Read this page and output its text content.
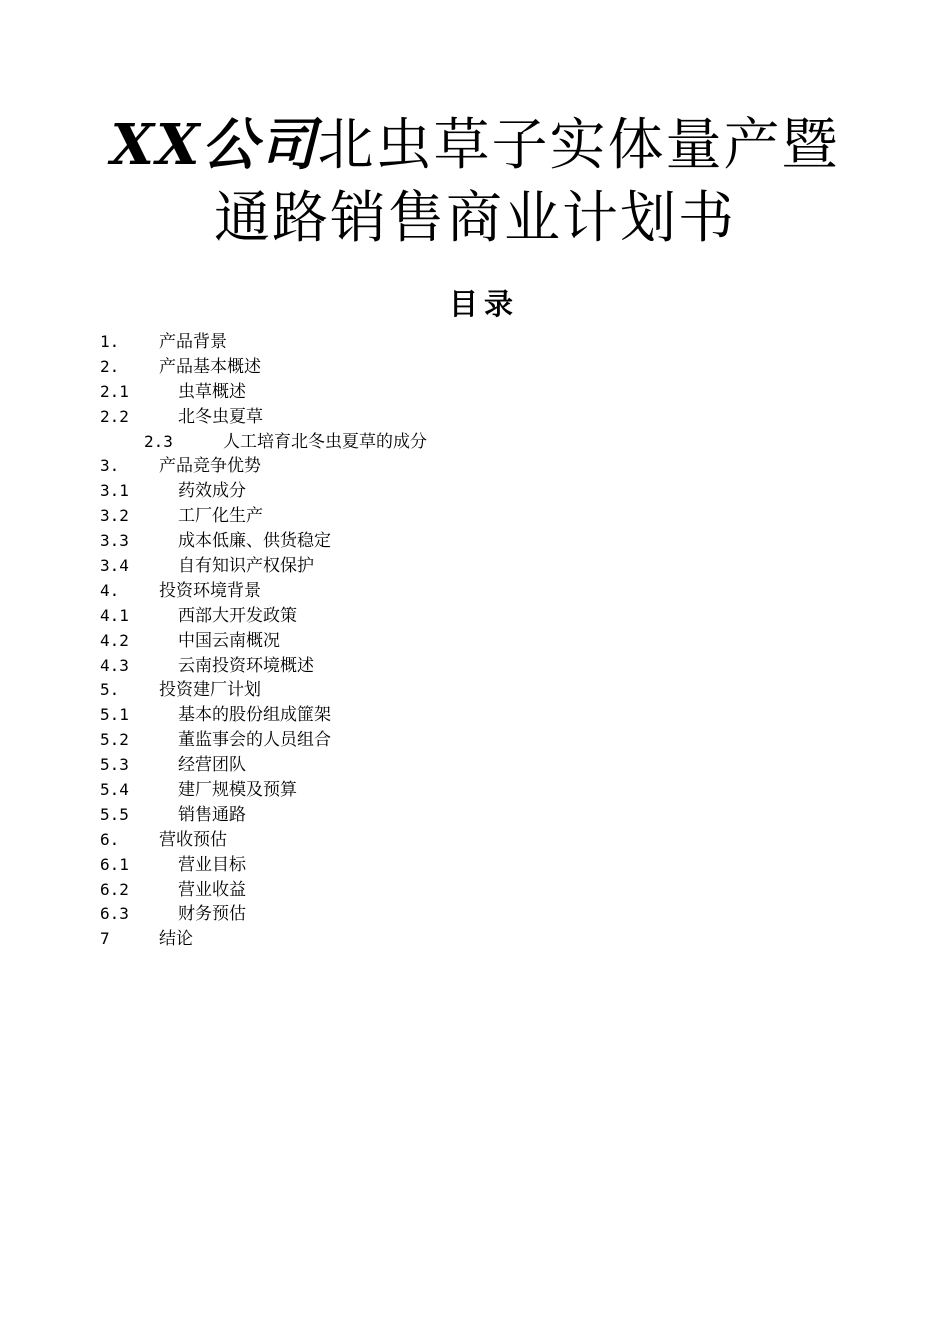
XX公司北虫草子实体量产暨
通路销售商业计划书
目录
1. 产品背景
2. 产品基本概述
2.1	虫草概述
2.2	北冬虫夏草
2.3	人工培育北冬虫夏草的成分
3. 产品竞争优势
3.1	药效成分
3.2	工厂化生产
3.3	成本低廉、供货稳定
3.4	自有知识产权保护
4. 投资环境背景
4.1	西部大开发政策
4.2	中国云南概况
4.3	云南投资环境概述
5. 投资建厂计划
5.1	基本的股份组成篚架
5.2	董监事会的人员组合
5.3	经营团队
5.4	建厂规模及预算
5.5	销售通路
6. 营收预估
6.1	营业目标
6.2	营业收益
6.3	财务预估
7	结论
